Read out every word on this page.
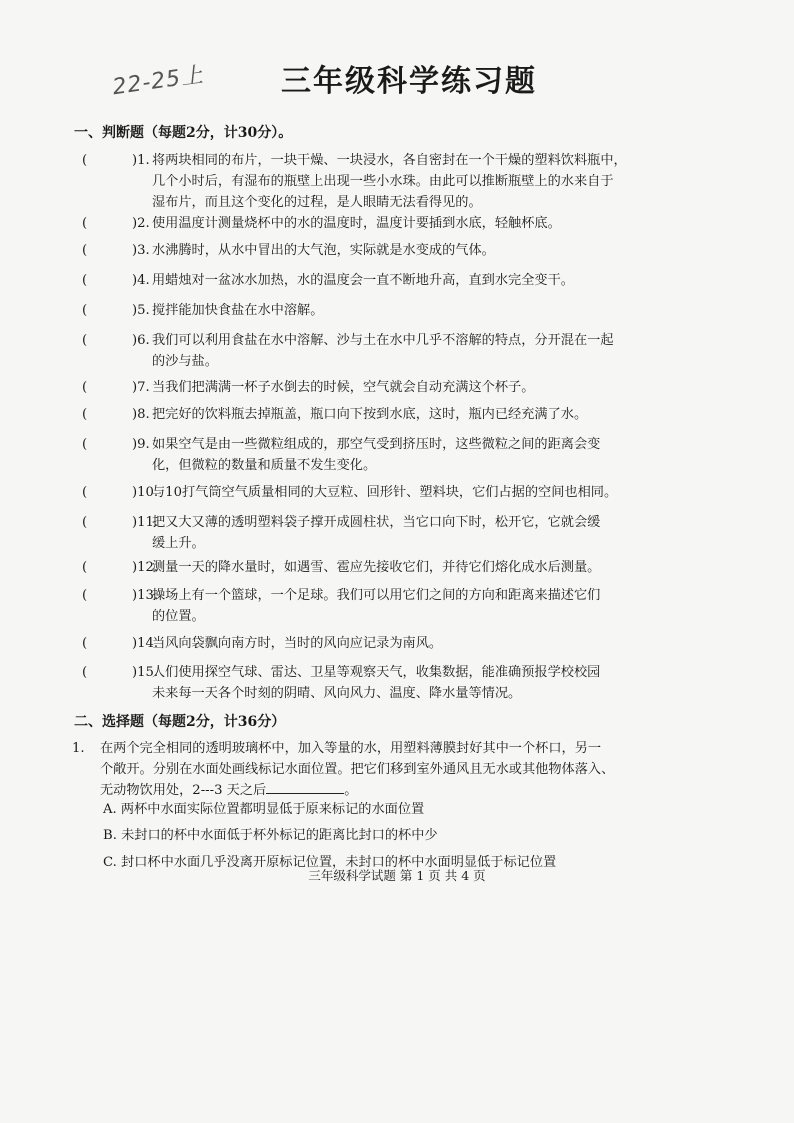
22-25上	三年级科学练习题
一、判断题（每题2分，计30分）。
(	)1. 将两块相同的布片，一块干燥、一块浸水，各自密封在一个干燥的塑料饮料瓶中，
几个小时后，有湿布的瓶壁上出现一些小水珠。由此可以推断瓶壁上的水来自于
湿布片，而且这个变化的过程，是人眼睛无法看得见的。
(	)2. 使用温度计测量烧杯中的水的温度时，温度计要插到水底，轻触杯底。
(	)3. 水沸腾时，从水中冒出的大气泡，实际就是水变成的气体。
(	)4. 用蜡烛对一盆冰水加热，水的温度会一直不断地升高，直到水完全变干。
(	)5. 搅拌能加快食盐在水中溶解。
(	)6. 我们可以利用食盐在水中溶解、沙与土在水中几乎不溶解的特点，分开混在一起
的沙与盐。
(	)7. 当我们把满满一杯子水倒去的时候，空气就会自动充满这个杯子。
(	)8. 把完好的饮料瓶去掉瓶盖，瓶口向下按到水底，这时，瓶内已经充满了水。
(	)9. 如果空气是由一些微粒组成的，那空气受到挤压时，这些微粒之间的距离会变
化，但微粒的数量和质量不发生变化。
(	)10.
与10打气筒空气质量相同的大豆粒、回形针、塑料块，它们占据的空间也相同。
(	)11.
把又大又薄的透明塑料袋子撑开成圆柱状，当它口向下时，松开它，它就会缓
缓上升。
(	)12.
测量一天的降水量时，如遇雪、雹应先接收它们，并待它们熔化成水后测量。
(	)13.
操场上有一个篮球，一个足球。我们可以用它们之间的方向和距离来描述它们
的位置。
(	)14.
当风向袋飘向南方时，当时的风向应记录为南风。
(	)15.
人们使用探空气球、雷达、卫星等观察天气，收集数据，能准确预报学校校园
未来每一天各个时刻的阴晴、风向风力、温度、降水量等情况。
二、选择题（每题2分，计36分）
1. 在两个完全相同的透明玻璃杯中，加入等量的水，用塑料薄膜封好其中一个杯口，另一
个敞开。分别在水面处画线标记水面位置。把它们移到室外通风且无水或其他物体落入、
无动物饮用处，2---3 天之后	。
A. 两杯中水面实际位置都明显低于原来标记的水面位置
B. 未封口的杯中水面低于杯外标记的距离比封口的杯中少
C. 封口杯中水面几乎没离开原标记位置，未封口的杯中水面明显低于标记位置
三年级科学试题 第 1 页 共 4 页
